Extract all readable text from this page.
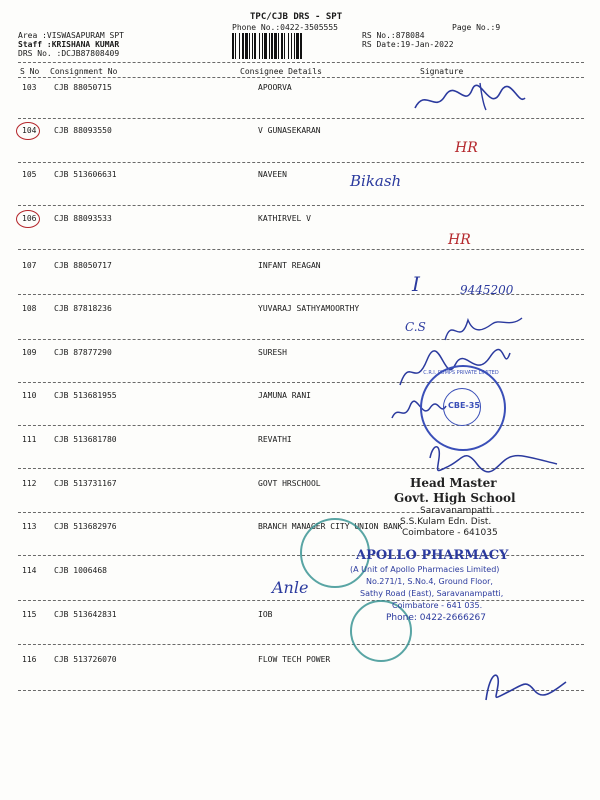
TPC/CJB DRS - SPT
Phone No.:0422-3505555	Page No.:9
Area :VISWASAPURAM SPT
Staff :KRISHANA KUMAR
DRS No. :DCJB87808409
RS No.:878084
RS Date:19-Jan-2022
S No Consignment No	Consignee Details	Signature
103 CJB 88050715	APOORVA
104 CJB 88093550	V GUNASEKARAN
105 CJB 513606631	NAVEEN
106 CJB 88093533	KATHIRVEL V
107 CJB 88050717	INFANT REAGAN
108 CJB 87818236	YUVARAJ SATHYAMOORTHY
109 CJB 87877290	SURESH
110 CJB 513681955	JAMUNA RANI
111 CJB 513681780	REVATHI
112 CJB 513731167	GOVT HRSCHOOL
113 CJB 513682976	BRANCH MANAGER CITY UNION BANK
114 CJB 1006468
115 CJB 513642831	IOB
116 CJB 513726070	FLOW TECH POWER
HR
Bikash
HR
I	9445200
C.S
Anle
CBE-35
C.R.I. PUMPS PRIVATE LIMITED
Head Master
Govt. High School
Saravanampatti
S.S.Kulam Edn. Dist.
Coimbatore - 641035
APOLLO PHARMACY
(A Unit of Apollo Pharmacies Limited)
No.271/1, S.No.4, Ground Floor,
Sathy Road (East), Saravanampatti,
Coimbatore - 641 035.
Phone: 0422-2666267
